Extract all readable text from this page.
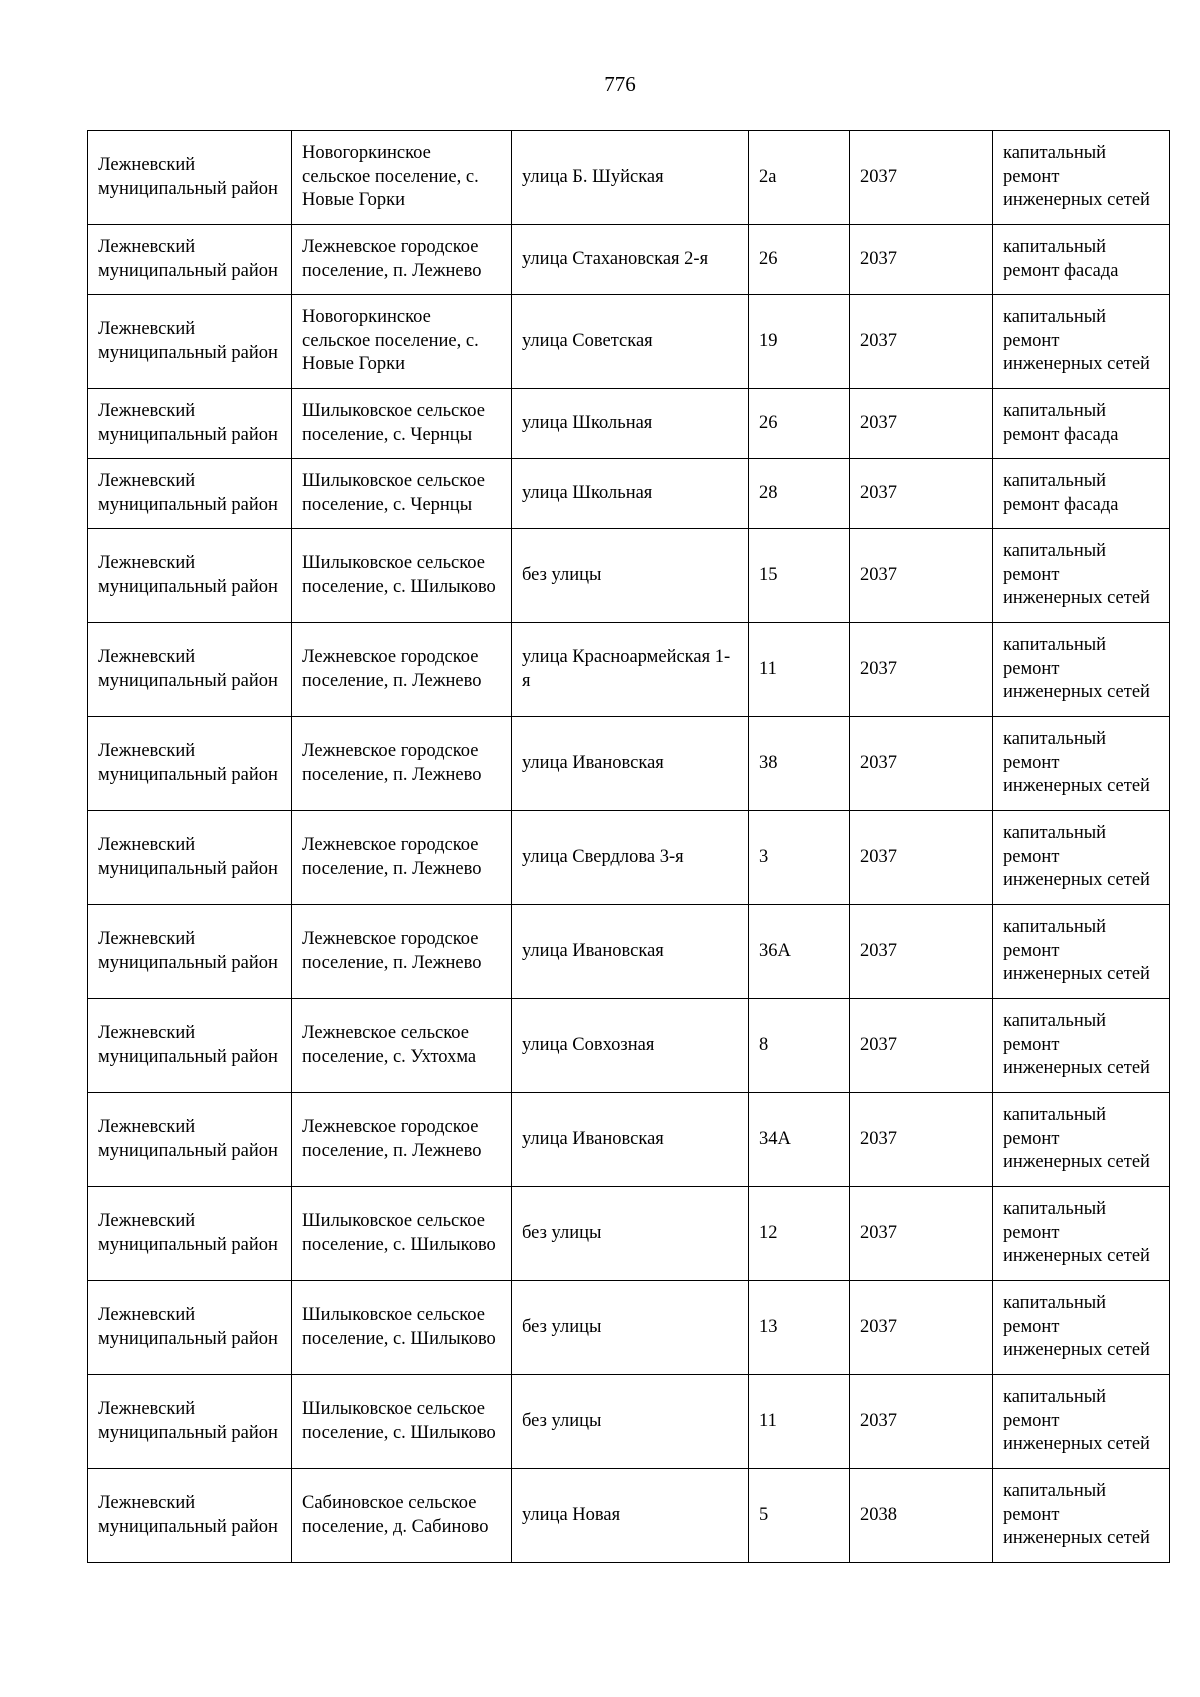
776
Лежневский муниципальный район	Новогоркинское сельское поселение, с. Новые Горки	улица Б. Шуйская	2а	2037	капитальный ремонт инженерных сетей
Лежневский муниципальный район	Лежневское городское поселение, п. Лежнево	улица Стахановская 2-я	26	2037	капитальный ремонт фасада
Лежневский муниципальный район	Новогоркинское сельское поселение, с. Новые Горки	улица Советская	19	2037	капитальный ремонт инженерных сетей
Лежневский муниципальный район	Шилыковское сельское поселение, с. Чернцы	улица Школьная	26	2037	капитальный ремонт фасада
Лежневский муниципальный район	Шилыковское сельское поселение, с. Чернцы	улица Школьная	28	2037	капитальный ремонт фасада
Лежневский муниципальный район	Шилыковское сельское поселение, с. Шилыково	без улицы	15	2037	капитальный ремонт инженерных сетей
Лежневский муниципальный район	Лежневское городское поселение, п. Лежнево	улица Красноармейская 1-я	11	2037	капитальный ремонт инженерных сетей
Лежневский муниципальный район	Лежневское городское поселение, п. Лежнево	улица Ивановская	38	2037	капитальный ремонт инженерных сетей
Лежневский муниципальный район	Лежневское городское поселение, п. Лежнево	улица Свердлова 3-я	3	2037	капитальный ремонт инженерных сетей
Лежневский муниципальный район	Лежневское городское поселение, п. Лежнево	улица Ивановская	36А	2037	капитальный ремонт инженерных сетей
Лежневский муниципальный район	Лежневское сельское поселение, с. Ухтохма	улица Совхозная	8	2037	капитальный ремонт инженерных сетей
Лежневский муниципальный район	Лежневское городское поселение, п. Лежнево	улица Ивановская	34А	2037	капитальный ремонт инженерных сетей
Лежневский муниципальный район	Шилыковское сельское поселение, с. Шилыково	без улицы	12	2037	капитальный ремонт инженерных сетей
Лежневский муниципальный район	Шилыковское сельское поселение, с. Шилыково	без улицы	13	2037	капитальный ремонт инженерных сетей
Лежневский муниципальный район	Шилыковское сельское поселение, с. Шилыково	без улицы	11	2037	капитальный ремонт инженерных сетей
Лежневский муниципальный район	Сабиновское сельское поселение, д. Сабиново	улица Новая	5	2038	капитальный ремонт инженерных сетей
